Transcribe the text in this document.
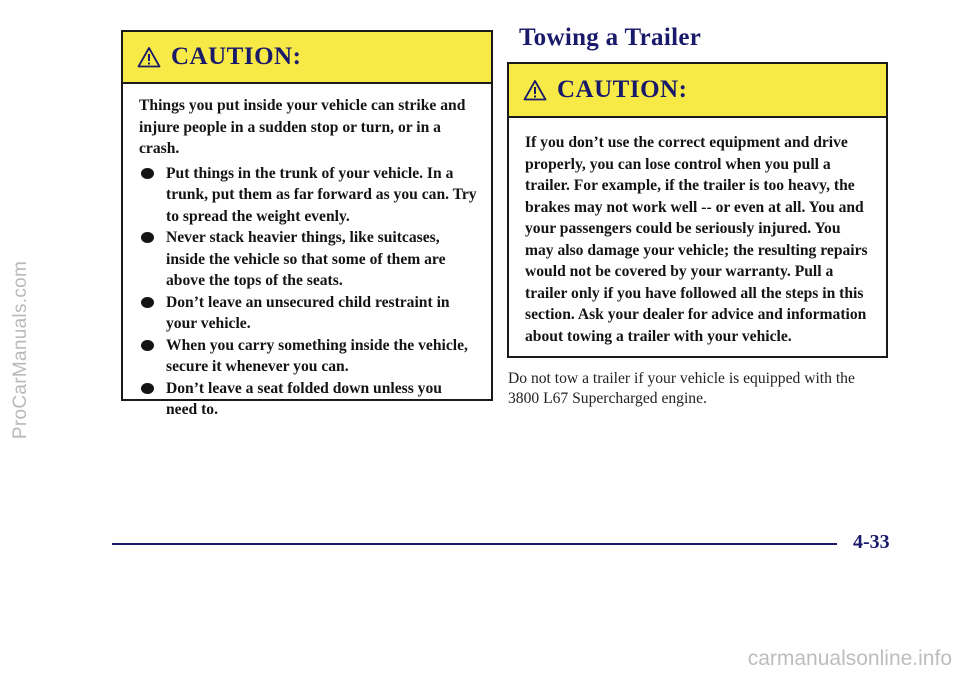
ProCarManuals.com
CAUTION:
Things you put inside your vehicle can strike and injure people in a sudden stop or turn, or in a crash.
Put things in the trunk of your vehicle. In a trunk, put them as far forward as you can. Try to spread the weight evenly.
Never stack heavier things, like suitcases, inside the vehicle so that some of them are above the tops of the seats.
Don’t leave an unsecured child restraint in your vehicle.
When you carry something inside the vehicle, secure it whenever you can.
Don’t leave a seat folded down unless you need to.
Towing a Trailer
CAUTION:
If you don’t use the correct equipment and drive properly, you can lose control when you pull a trailer. For example, if the trailer is too heavy, the brakes may not work well -- or even at all. You and your passengers could be seriously injured. You may also damage your vehicle; the resulting repairs would not be covered by your warranty. Pull a trailer only if you have followed all the steps in this section. Ask your dealer for advice and information about towing a trailer with your vehicle.
Do not tow a trailer if your vehicle is equipped with the 3800 L67 Supercharged engine.
4-33
carmanualsonline.info
